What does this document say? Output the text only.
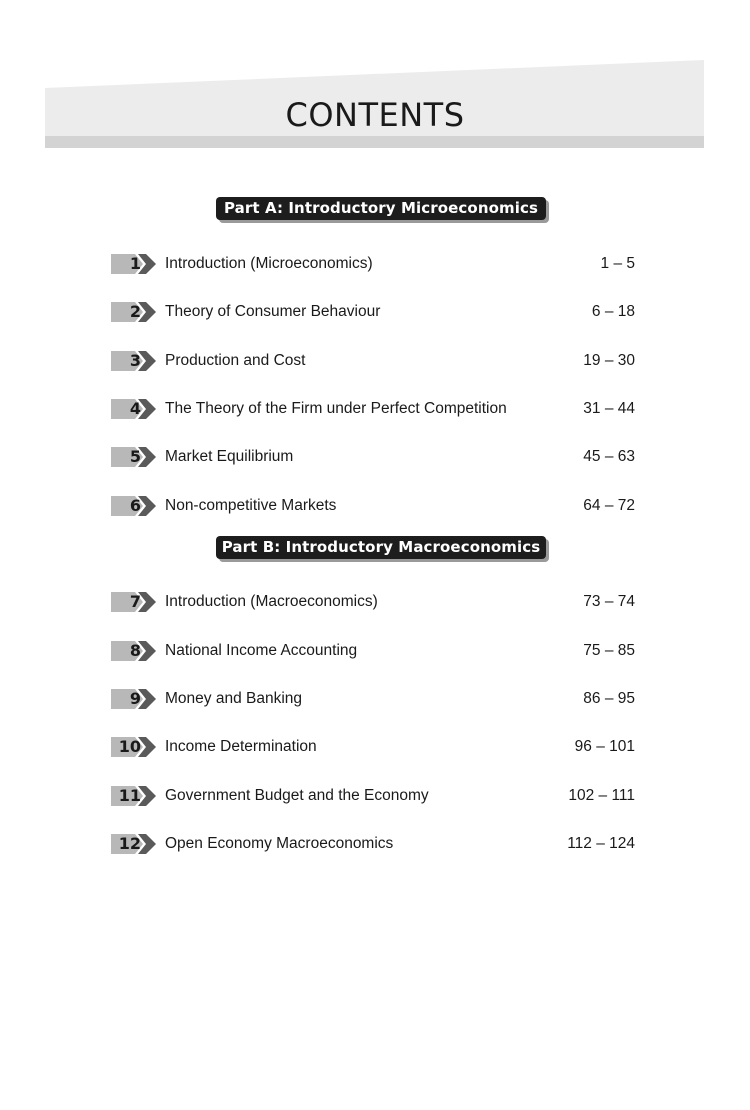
CONTENTS
Part A: Introductory Microeconomics
1 Introduction (Microeconomics)	1 – 5
2 Theory of Consumer Behaviour	6 – 18
3 Production and Cost	19 – 30
4 The Theory of the Firm under Perfect Competition	31 – 44
5 Market Equilibrium	45 – 63
6 Non-competitive Markets	64 – 72
Part B: Introductory Macroeconomics
7 Introduction (Macroeconomics)	73 – 74
8 National Income Accounting	75 – 85
9 Money and Banking	86 – 95
10 Income Determination	96 – 101
11 Government Budget and the Economy	102 – 111
12 Open Economy Macroeconomics	112 – 124
